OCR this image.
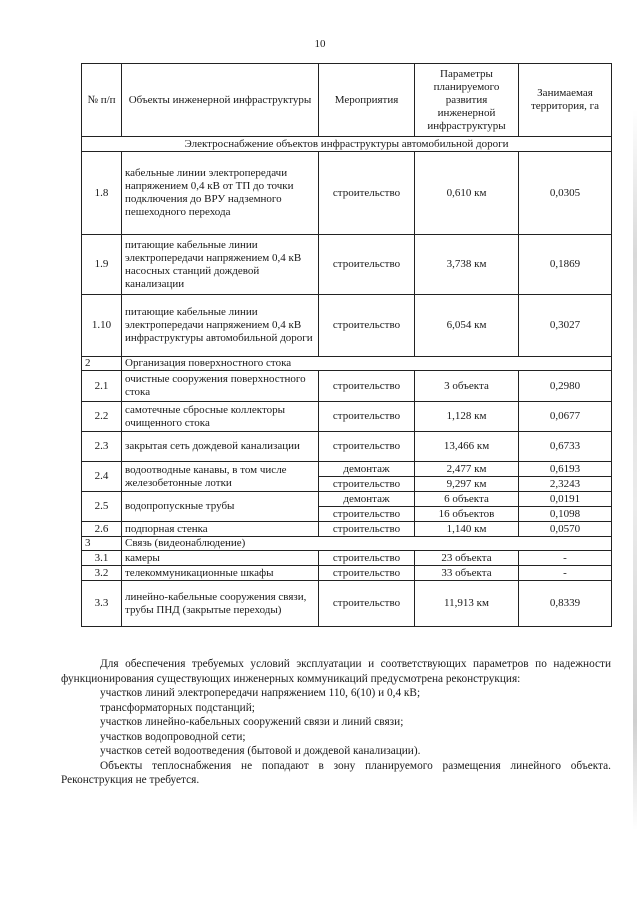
10
№ п/п	Объекты инженерной инфраструктуры	Мероприятия	Параметры планируемого развития инженерной инфраструктуры	Занимаемая территория, га
Электроснабжение объектов инфраструктуры автомобильной дороги				
1.8	кабельные линии электропередачи напряжением 0,4 кВ от ТП до точки подключения до ВРУ надземного пешеходного перехода	строительство	0,610 км	0,0305
1.9	питающие кабельные линии электропередачи напряжением 0,4 кВ насосных станций дождевой канализации	строительство	3,738 км	0,1869
1.10	питающие кабельные линии электропередачи напряжением 0,4 кВ инфраструктуры автомобильной дороги	строительство	6,054 км	0,3027
2	Организация поверхностного стока			
2.1	очистные сооружения поверхностного стока	строительство	3 объекта	0,2980
2.2	самотечные сбросные коллекторы очищенного стока	строительство	1,128 км	0,0677
2.3	закрытая сеть дождевой канализации	строительство	13,466 км	0,6733
2.4	водоотводные канавы, в том числе железобетонные лотки	демонтаж	2,477 км	0,6193
		строительство	9,297 км	2,3243
2.5	водопропускные трубы	демонтаж	6 объекта	0,0191
		строительство	16 объектов	0,1098
2.6	подпорная стенка	строительство	1,140 км	0,0570
3	Связь (видеонаблюдение)			
3.1	камеры	строительство	23 объекта	-
3.2	телекоммуникационные шкафы	строительство	33 объекта	-
3.3	линейно-кабельные сооружения связи, трубы ПНД (закрытые переходы)	строительство	11,913 км	0,8339

Для обеспечения требуемых условий эксплуатации и соответствующих параметров по надежности функционирования существующих инженерных коммуникаций предусмотрена реконструкция:

участков линий электропередачи напряжением 110, 6(10) и 0,4 кВ;

трансформаторных подстанций;

участков линейно-кабельных сооружений связи и линий связи;

участков водопроводной сети;

участков сетей водоотведения (бытовой и дождевой канализации).

Объекты теплоснабжения не попадают в зону планируемого размещения линейного объекта. Реконструкция не требуется.
